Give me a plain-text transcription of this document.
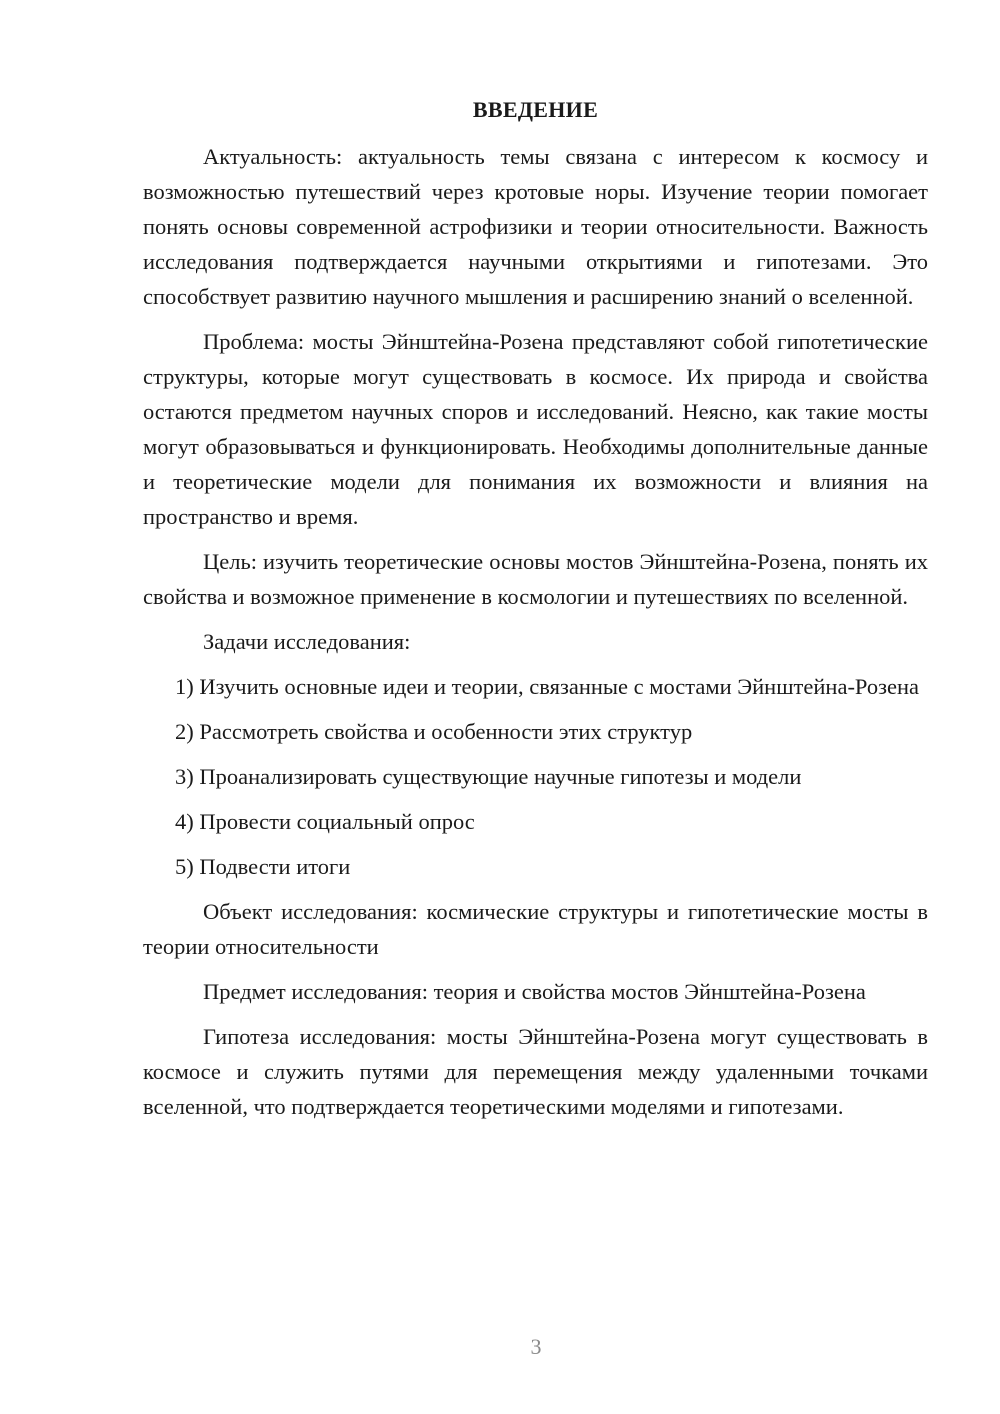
ВВЕДЕНИЕ

Актуальность: актуальность темы связана с интересом к космосу и возможностью путешествий через кротовые норы. Изучение теории помогает понять основы современной астрофизики и теории относительности. Важность исследования подтверждается научными открытиями и гипотезами. Это способствует развитию научного мышления и расширению знаний о вселенной.

Проблема: мосты Эйнштейна-Розена представляют собой гипотетические структуры, которые могут существовать в космосе. Их природа и свойства остаются предметом научных споров и исследований. Неясно, как такие мосты могут образовываться и функционировать. Необходимы дополнительные данные и теоретические модели для понимания их возможности и влияния на пространство и время.

Цель: изучить теоретические основы мостов Эйнштейна-Розена, понять их свойства и возможное применение в космологии и путешествиях по вселенной.

Задачи исследования:

1) Изучить основные идеи и теории, связанные с мостами Эйнштейна-Розена

2) Рассмотреть свойства и особенности этих структур

3) Проанализировать существующие научные гипотезы и модели

4) Провести социальный опрос

5) Подвести итоги

Объект исследования: космические структуры и гипотетические мосты в теории относительности

Предмет исследования: теория и свойства мостов Эйнштейна-Розена

Гипотеза исследования: мосты Эйнштейна-Розена могут существовать в космосе и служить путями для перемещения между удаленными точками вселенной, что подтверждается теоретическими моделями и гипотезами.

3
